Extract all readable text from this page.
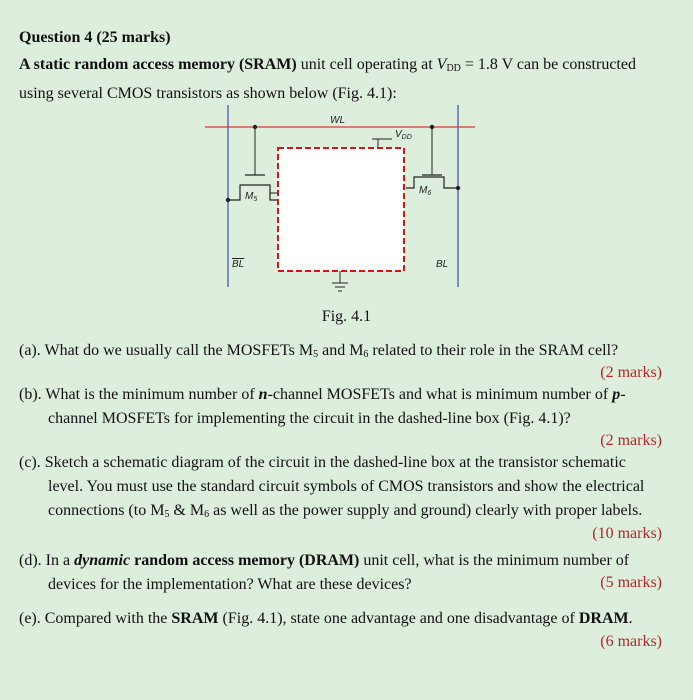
Question 4 (25 marks)
A static random access memory (SRAM) unit cell operating at $V_{DD} = 1.8$ V can be constructed
using several CMOS transistors as shown below (Fig. 4.1):
WL
$V_{DD}$
$M_5$
$M_6$
BL	BL
Fig. 4.1
(a). What do we usually call the MOSFETs M5 and M6 related to their role in the SRAM cell?
(2 marks)
(b). What is the minimum number of n-channel MOSFETs and what is minimum number of p-
channel MOSFETs for implementing the circuit in the dashed-line box (Fig. 4.1)?
(2 marks)
(c). Sketch a schematic diagram of the circuit in the dashed-line box at the transistor schematic
level. You must use the standard circuit symbols of CMOS transistors and show the electrical
connections (to M5 & M6 as well as the power supply and ground) clearly with proper labels.
(10 marks)
(d). In a dynamic random access memory (DRAM) unit cell, what is the minimum number of
devices for the implementation? What are these devices?	(5 marks)
(e). Compared with the SRAM (Fig. 4.1), state one advantage and one disadvantage of DRAM.
(6 marks)
